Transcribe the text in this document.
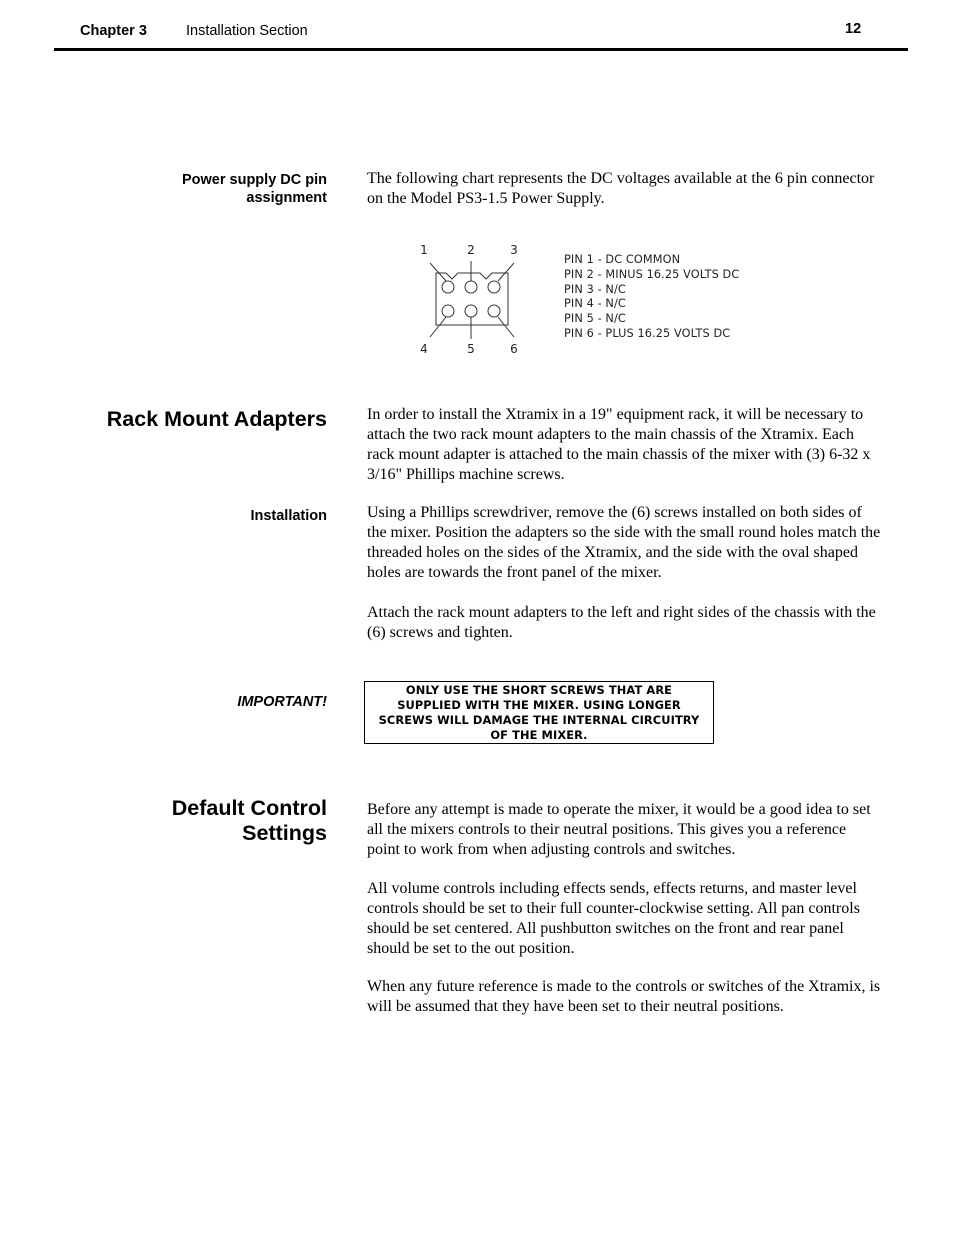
Chapter 3	Installation Section	12
Power supply DC pin assignment
The following chart represents the DC voltages available at the 6 pin connector on the Model PS3-1.5 Power Supply.
1	2	3
4	5	6
PIN 1 - DC COMMON
PIN 2 - MINUS 16.25 VOLTS DC
PIN 3 - N/C
PIN 4 - N/C
PIN 5 - N/C
PIN 6 - PLUS 16.25 VOLTS DC
Rack Mount Adapters	In order to install the Xtramix in a 19" equipment rack, it will be necessary to attach the two rack mount adapters to the main chassis of the Xtramix. Each rack mount adapter is attached to the main chassis of the mixer with (3) 6-32 x 3/16" Phillips machine screws.
Installation	Using a Phillips screwdriver, remove the (6) screws installed on both sides of the mixer. Position the adapters so the side with the small round holes match the threaded holes on the sides of the Xtramix, and the side with the oval shaped holes are towards the front panel of the mixer.
Attach the rack mount adapters to the left and right sides of the chassis with the (6) screws and tighten.
IMPORTANT!
ONLY USE THE SHORT SCREWS THAT ARE SUPPLIED WITH THE MIXER. USING LONGER SCREWS WILL DAMAGE THE INTERNAL CIRCUITRY OF THE MIXER.
Default Control Settings
Before any attempt is made to operate the mixer, it would be a good idea to set all the mixers controls to their neutral positions. This gives you a reference point to work from when adjusting controls and switches.
All volume controls including effects sends, effects returns, and master level controls should be set to their full counter-clockwise setting. All pan controls should be set centered. All pushbutton switches on the front and rear panel should be set to the out position.
When any future reference is made to the controls or switches of the Xtramix, is will be assumed that they have been set to their neutral positions.
